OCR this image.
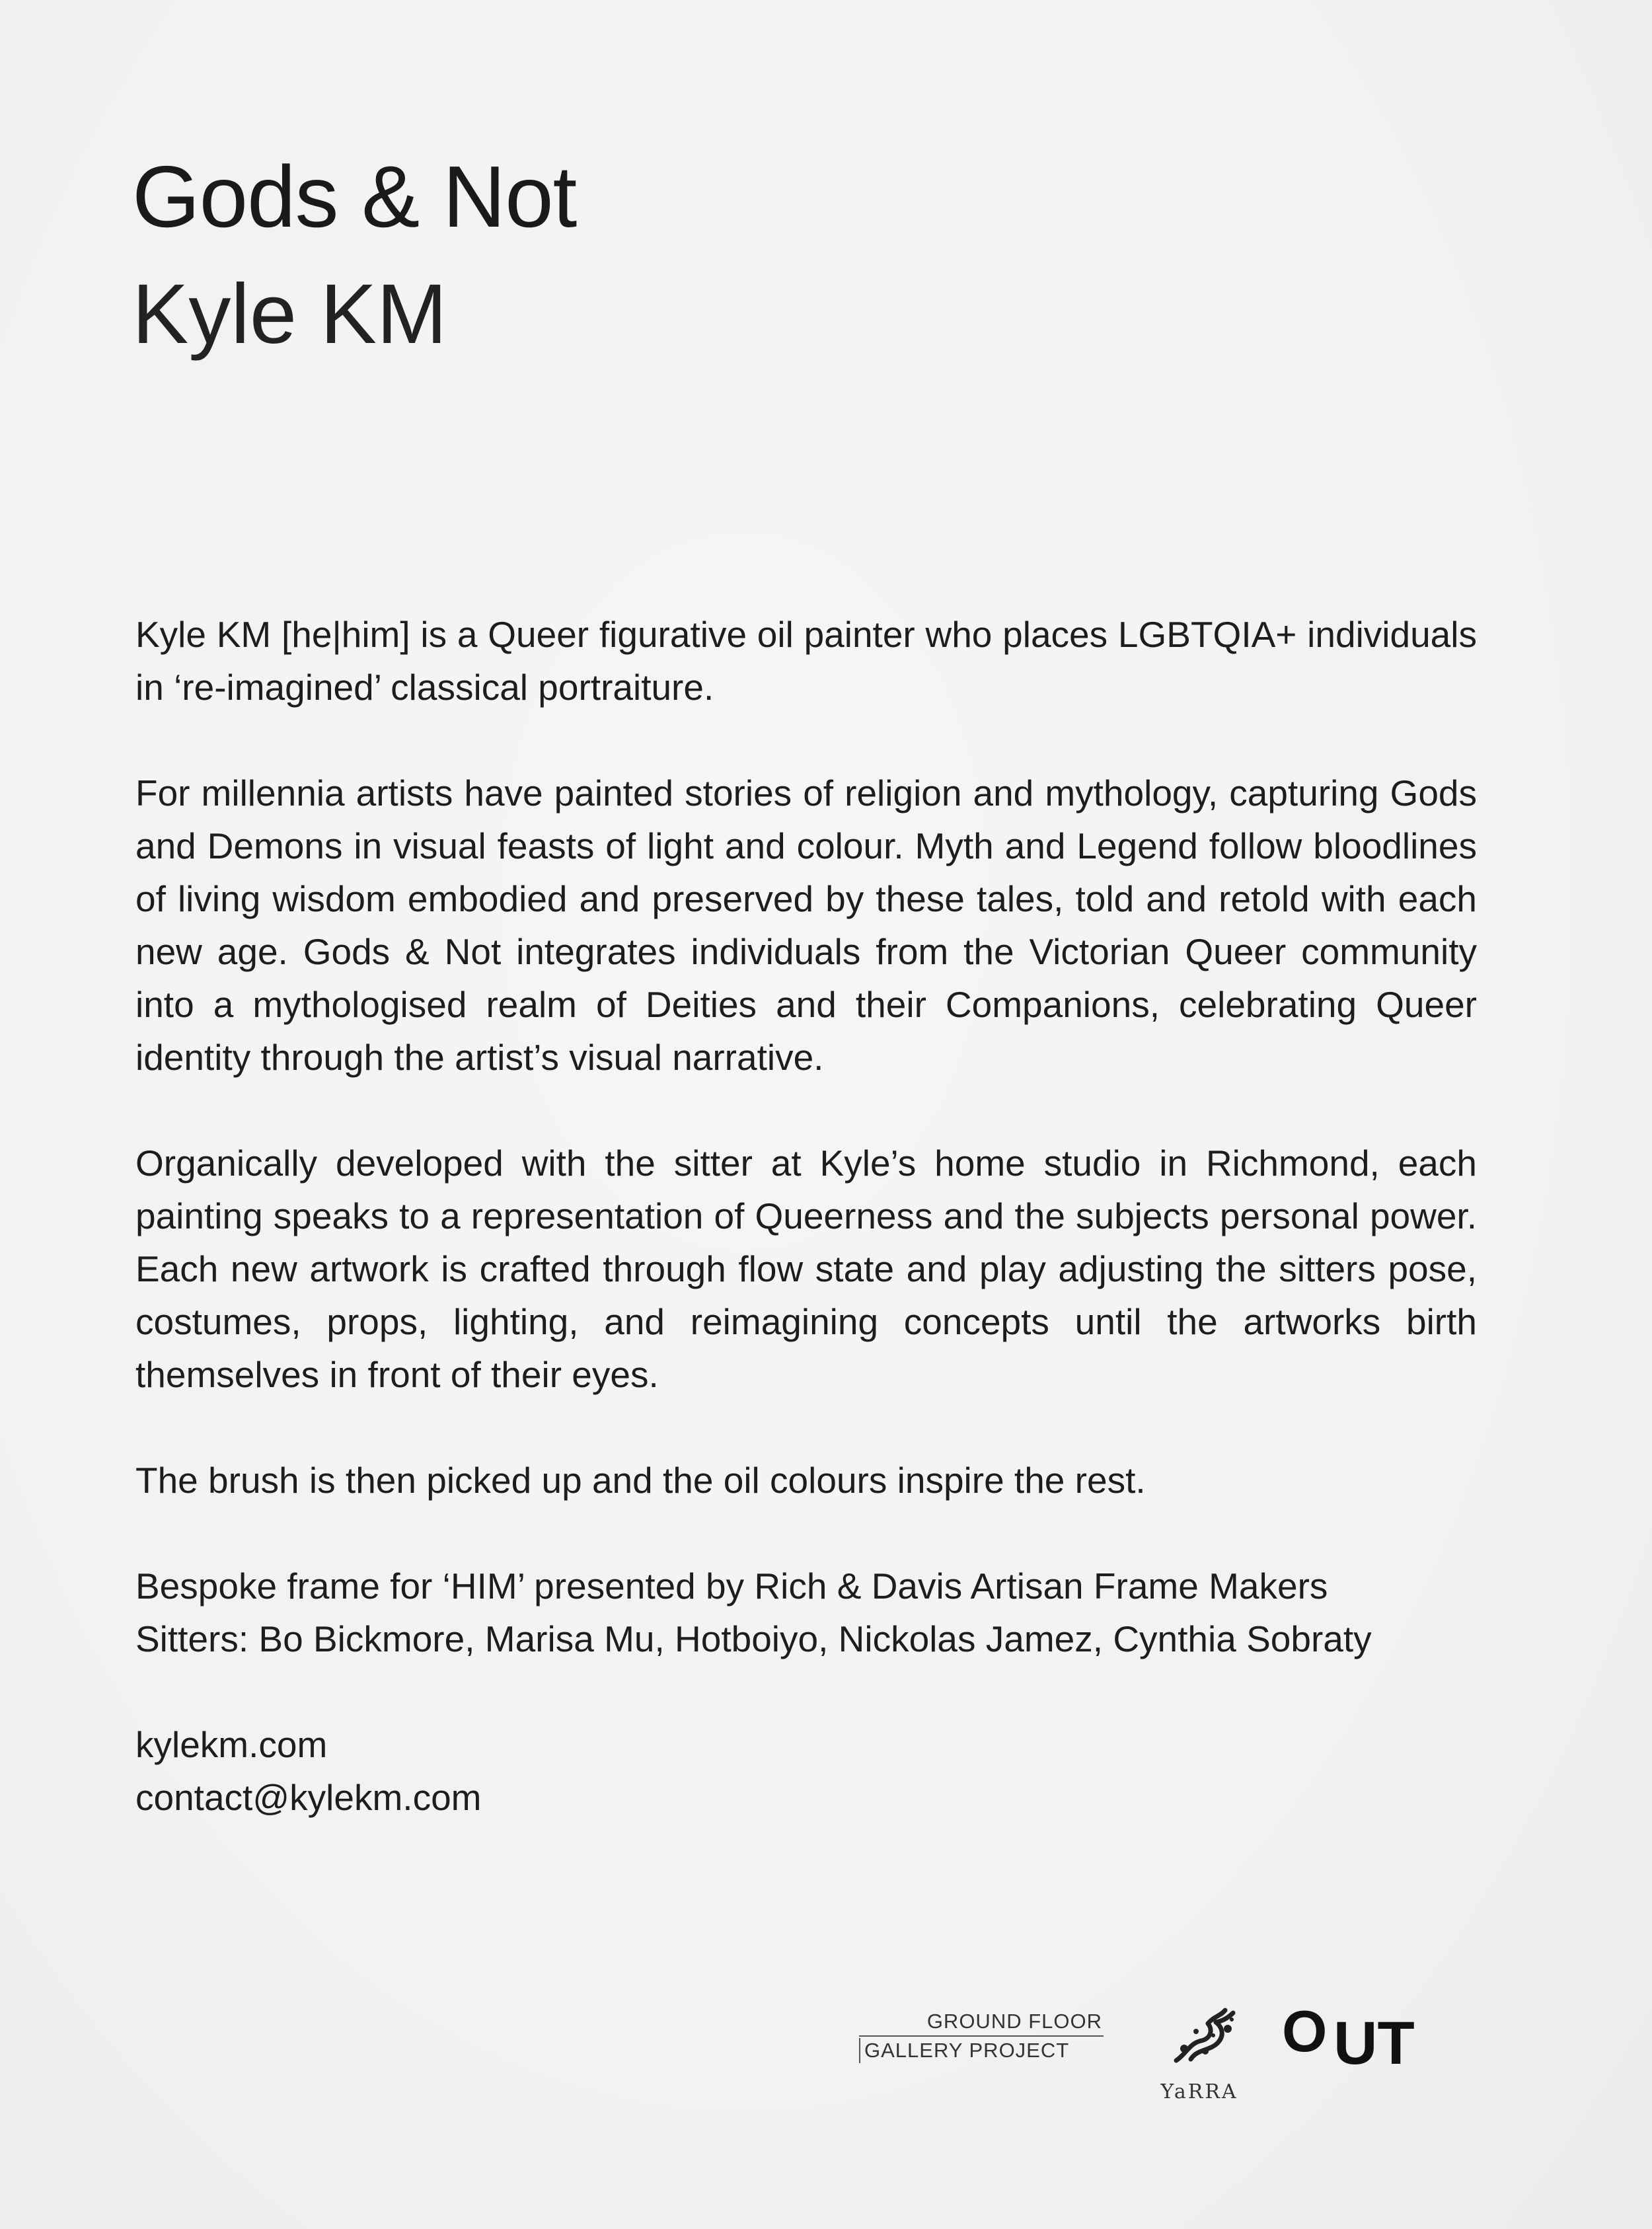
Gods & Not
Kyle KM

Kyle KM [he|him] is a Queer figurative oil painter who places LGBTQIA+ individuals in ‘re-imagined’ classical portraiture.

For millennia artists have painted stories of religion and mythology, capturing Gods and Demons in visual feasts of light and colour. Myth and Legend follow bloodlines of living wisdom embodied and preserved by these tales, told and retold with each new age. Gods & Not integrates individuals from the Victorian Queer community into a mythologised realm of Deities and their Companions, celebrating Queer identity through the artist’s visual narrative.

Organically developed with the sitter at Kyle’s home studio in Richmond, each painting speaks to a representation of Queerness and the subjects personal power. Each new artwork is crafted through flow state and play adjusting the sitters pose, costumes, props, lighting, and reimagining concepts until the artworks birth themselves in front of their eyes.

The brush is then picked up and the oil colours inspire the rest.

Bespoke frame for ‘HIM’ presented by Rich & Davis Artisan Frame Makers
Sitters: Bo Bickmore, Marisa Mu, Hotboiyo, Nickolas Jamez, Cynthia Sobraty

kylekm.com
contact@kylekm.com
GROUND FLOOR
GALLERY PROJECT
YaRRA
O UT
